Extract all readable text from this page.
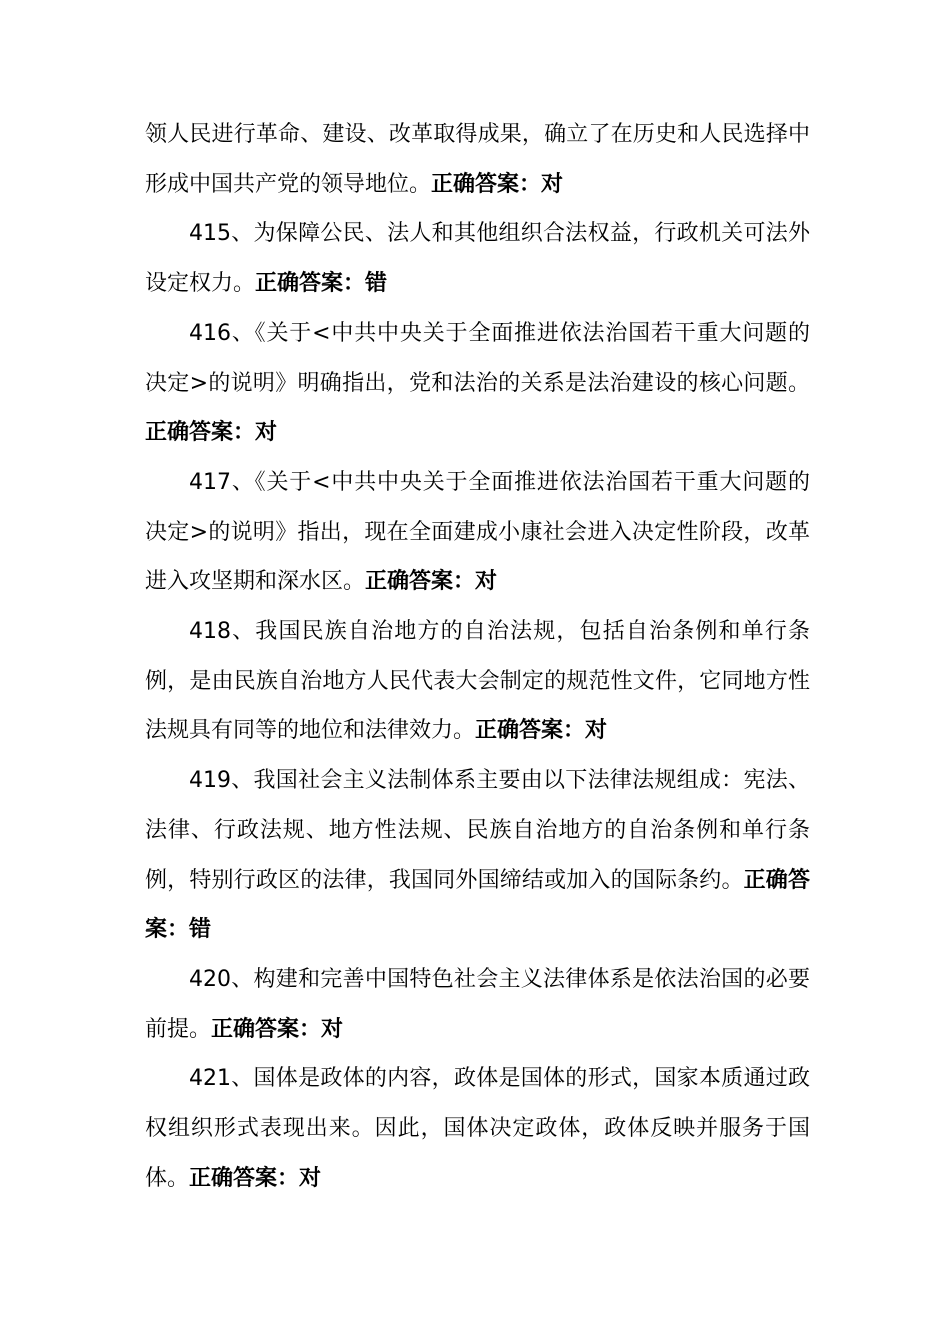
领人民进行革命、建设、改革取得成果，确立了在历史和人民选择中形成中国共产党的领导地位。正确答案：对

415、为保障公民、法人和其他组织合法权益，行政机关可法外设定权力。正确答案：错

416、《关于<中共中央关于全面推进依法治国若干重大问题的决定>的说明》明确指出，党和法治的关系是法治建设的核心问题。正确答案：对

417、《关于<中共中央关于全面推进依法治国若干重大问题的决定>的说明》指出，现在全面建成小康社会进入决定性阶段，改革进入攻坚期和深水区。正确答案：对

418、我国民族自治地方的自治法规，包括自治条例和单行条例，是由民族自治地方人民代表大会制定的规范性文件，它同地方性法规具有同等的地位和法律效力。正确答案：对

419、我国社会主义法制体系主要由以下法律法规组成：宪法、法律、行政法规、地方性法规、民族自治地方的自治条例和单行条例，特别行政区的法律，我国同外国缔结或加入的国际条约。正确答案：错

420、构建和完善中国特色社会主义法律体系是依法治国的必要前提。正确答案：对

421、国体是政体的内容，政体是国体的形式，国家本质通过政权组织形式表现出来。因此，国体决定政体，政体反映并服务于国体。正确答案：对
